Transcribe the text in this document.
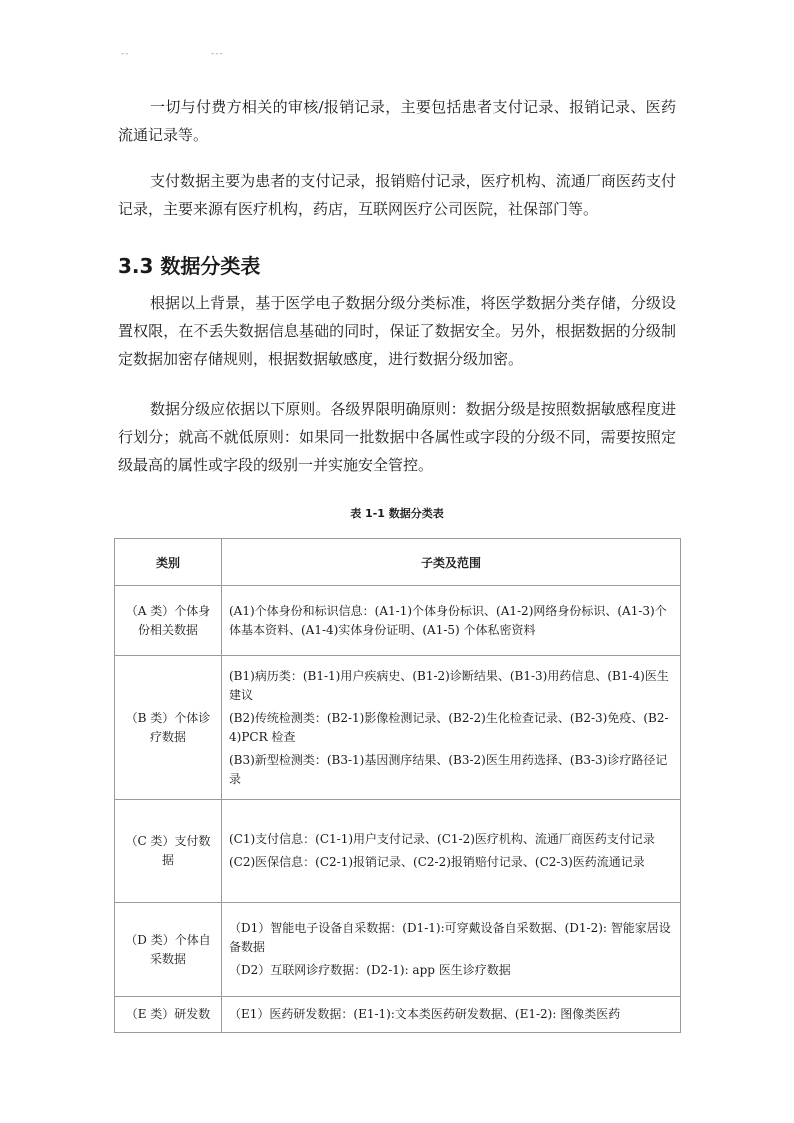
--	---

一切与付费方相关的审核/报销记录，主要包括患者支付记录、报销记录、医药流通记录等。

支付数据主要为患者的支付记录，报销赔付记录，医疗机构、流通厂商医药支付记录，主要来源有医疗机构，药店，互联网医疗公司医院，社保部门等。

3.3 数据分类表

根据以上背景，基于医学电子数据分级分类标准，将医学数据分类存储，分级设置权限，在不丢失数据信息基础的同时，保证了数据安全。另外，根据数据的分级制定数据加密存储规则，根据数据敏感度，进行数据分级加密。

数据分级应依据以下原则。各级界限明确原则：数据分级是按照数据敏感程度进行划分；就高不就低原则：如果同一批数据中各属性或字段的分级不同，需要按照定级最高的属性或字段的级别一并实施安全管控。

表 1-1 数据分类表
类别	子类及范围
（A 类）个体身份相关数据	(A1)个体身份和标识信息：(A1-1)个体身份标识、(A1-2)网络身份标识、(A1-3)个体基本资料、(A1-4)实体身份证明、(A1-5) 个体私密资料

（B 类）个体诊疗数据	(B1)病历类：(B1-1)用户疾病史、(B1-2)诊断结果、(B1-3)用药信息、(B1-4)医生建议

(B2)传统检测类：(B2-1)影像检测记录、(B2-2)生化检查记录、(B2-3)免疫、(B2-4)PCR 检查

(B3)新型检测类：(B3-1)基因测序结果、(B3-2)医生用药选择、(B3-3)诊疗路径记录

（C 类）支付数据	(C1)支付信息：(C1-1)用户支付记录、(C1-2)医疗机构、流通厂商医药支付记录

(C2)医保信息：(C2-1)报销记录、(C2-2)报销赔付记录、(C2-3)医药流通记录

（D 类）个体自采数据	（D1）智能电子设备自采数据：(D1-1):可穿戴设备自采数据、(D1-2): 智能家居设备数据

（D2）互联网诊疗数据：(D2-1): app 医生诊疗数据

（E 类）研发数	（E1）医药研发数据：(E1-1):文本类医药研发数据、(E1-2): 图像类医药
